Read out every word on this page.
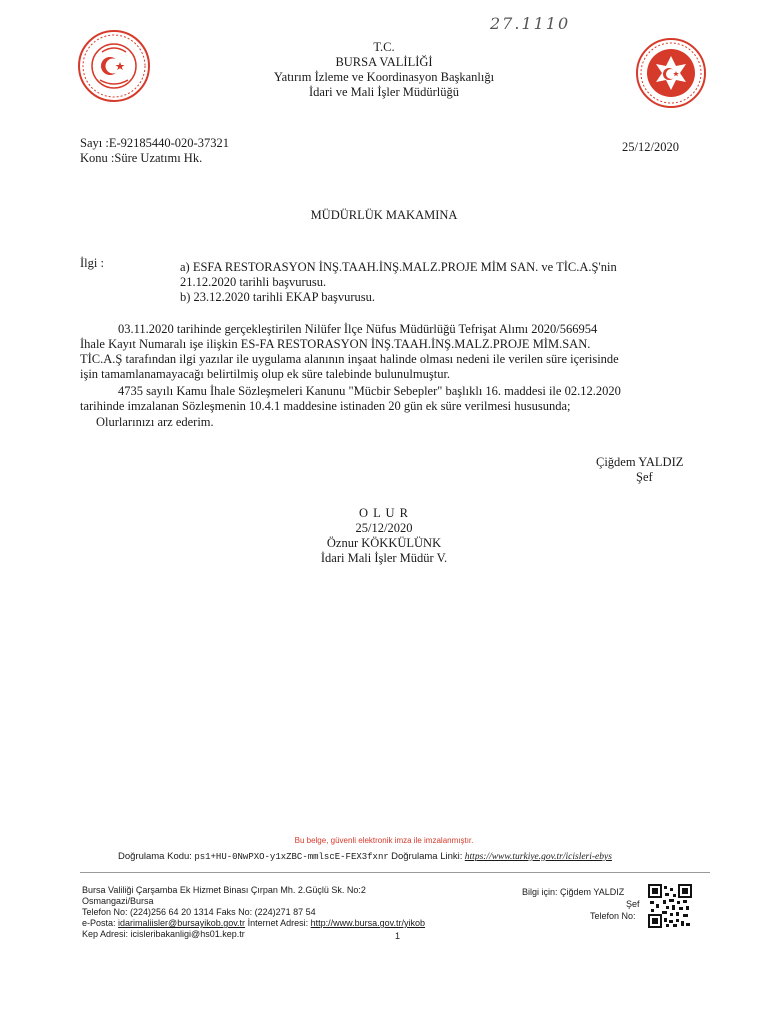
27.1110
T.C.
BURSA VALİLİĞİ
Yatırım İzleme ve Koordinasyon Başkanlığı
İdari ve Mali İşler Müdürlüğü
Sayı :E-92185440-020-37321
Konu :Süre Uzatımı Hk.
25/12/2020
MÜDÜRLÜK MAKAMINA
İlgi :	a) ESFA RESTORASYON İNŞ.TAAH.İNŞ.MALZ.PROJE MİM SAN. ve TİC.A.Ş'nin
21.12.2020 tarihli başvurusu.
b) 23.12.2020 tarihli EKAP başvurusu.
03.11.2020 tarihinde gerçekleştirilen Nilüfer İlçe Nüfus Müdürlüğü Tefrişat Alımı 2020/566954
İhale Kayıt Numaralı işe ilişkin ES-FA RESTORASYON İNŞ.TAAH.İNŞ.MALZ.PROJE MİM.SAN.
TİC.A.Ş tarafından ilgi yazılar ile uygulama alanının inşaat halinde olması nedeni ile verilen süre içerisinde
işin tamamlanamayacağı belirtilmiş olup ek süre talebinde bulunulmuştur.
4735 sayılı Kamu İhale Sözleşmeleri Kanunu "Mücbir Sebepler" başlıklı 16. maddesi ile 02.12.2020
tarihinde imzalanan Sözleşmenin 10.4.1 maddesine istinaden 20 gün ek süre verilmesi hususunda;
Olurlarınızı arz ederim.
Çiğdem YALDIZ
Şef
O L U R
25/12/2020
Öznur KÖKKÜLÜNK
İdari Mali İşler Müdür V.
Bu belge, güvenli elektronik imza ile imzalanmıştır.
Doğrulama Kodu: ps1+HU-0NwPXO-y1xZBC-mmlscE-FEX3fxnr Doğrulama Linki: https://www.turkiye.gov.tr/icisleri-ebys
Bursa Valiliği Çarşamba Ek Hizmet Binası Çırpan Mh. 2.Güçlü Sk. No:2
Osmangazi/Bursa
Telefon No: (224)256 64 20 1314 Faks No: (224)271 87 54
e-Posta: idarimaliisler@bursayikob.gov.tr İnternet Adresi: http://www.bursa.gov.tr/yikob
Kep Adresi: icisleribakanligi@hs01.kep.tr	1
Bilgi için: Çiğdem YALDIZ
Şef
Telefon No:
